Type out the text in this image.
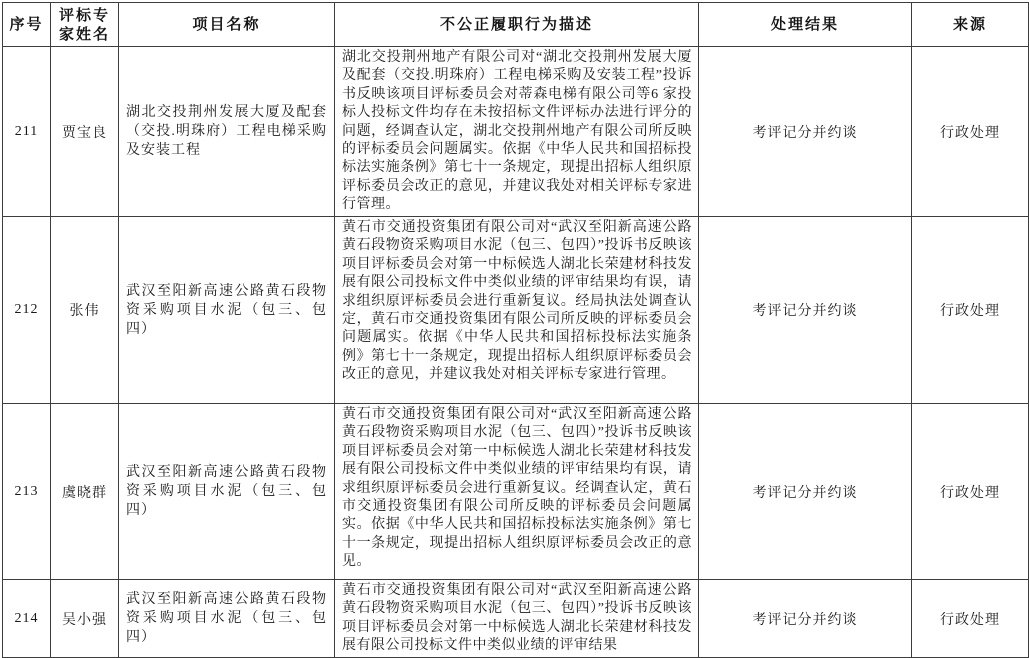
序号	评标专家姓名	项目名称	不公正履职行为描述	处理结果	来源
211	贾宝良	湖北交投荆州发展大厦及配套（交投.明珠府）工程电梯采购及安装工程	湖北交投荆州地产有限公司对“湖北交投荆州发展大厦及配套（交投.明珠府）工程电梯采购及安装工程”投诉书反映该项目评标委员会对蒂森电梯有限公司等6 家投标人投标文件均存在未按招标文件评标办法进行评分的问题，经调查认定，湖北交投荆州地产有限公司所反映的评标委员会问题属实。依据《中华人民共和国招标投标法实施条例》第七十一条规定，现提出招标人组织原评标委员会改正的意见，并建议我处对相关评标专家进行管理。	考评记分并约谈	行政处理
212	张伟	武汉至阳新高速公路黄石段物资采购项目水泥（包三、包四）	黄石市交通投资集团有限公司对“武汉至阳新高速公路黄石段物资采购项目水泥（包三、包四）”投诉书反映该项目评标委员会对第一中标候选人湖北长荣建材科技发展有限公司投标文件中类似业绩的评审结果均有误，请求组织原评标委员会进行重新复议。经局执法处调查认定，黄石市交通投资集团有限公司所反映的评标委员会问题属实。依据《中华人民共和国招标投标法实施条例》第七十一条规定，现提出招标人组织原评标委员会改正的意见，并建议我处对相关评标专家进行管理。	考评记分并约谈	行政处理
213	虞晓群	武汉至阳新高速公路黄石段物资采购项目水泥（包三、包四）	黄石市交通投资集团有限公司对“武汉至阳新高速公路黄石段物资采购项目水泥（包三、包四）”投诉书反映该项目评标委员会对第一中标候选人湖北长荣建材科技发展有限公司投标文件中类似业绩的评审结果均有误，请求组织原评标委员会进行重新复议。经调查认定，黄石市交通投资集团有限公司所反映的评标委员会问题属实。依据《中华人民共和国招标投标法实施条例》第七十一条规定，现提出招标人组织原评标委员会改正的意见。	考评记分并约谈	行政处理
214	吴小强	武汉至阳新高速公路黄石段物资采购项目水泥（包三、包四）	黄石市交通投资集团有限公司对“武汉至阳新高速公路黄石段物资采购项目水泥（包三、包四）”投诉书反映该项目评标委员会对第一中标候选人湖北长荣建材科技发展有限公司投标文件中类似业绩的评审结果	考评记分并约谈	行政处理
